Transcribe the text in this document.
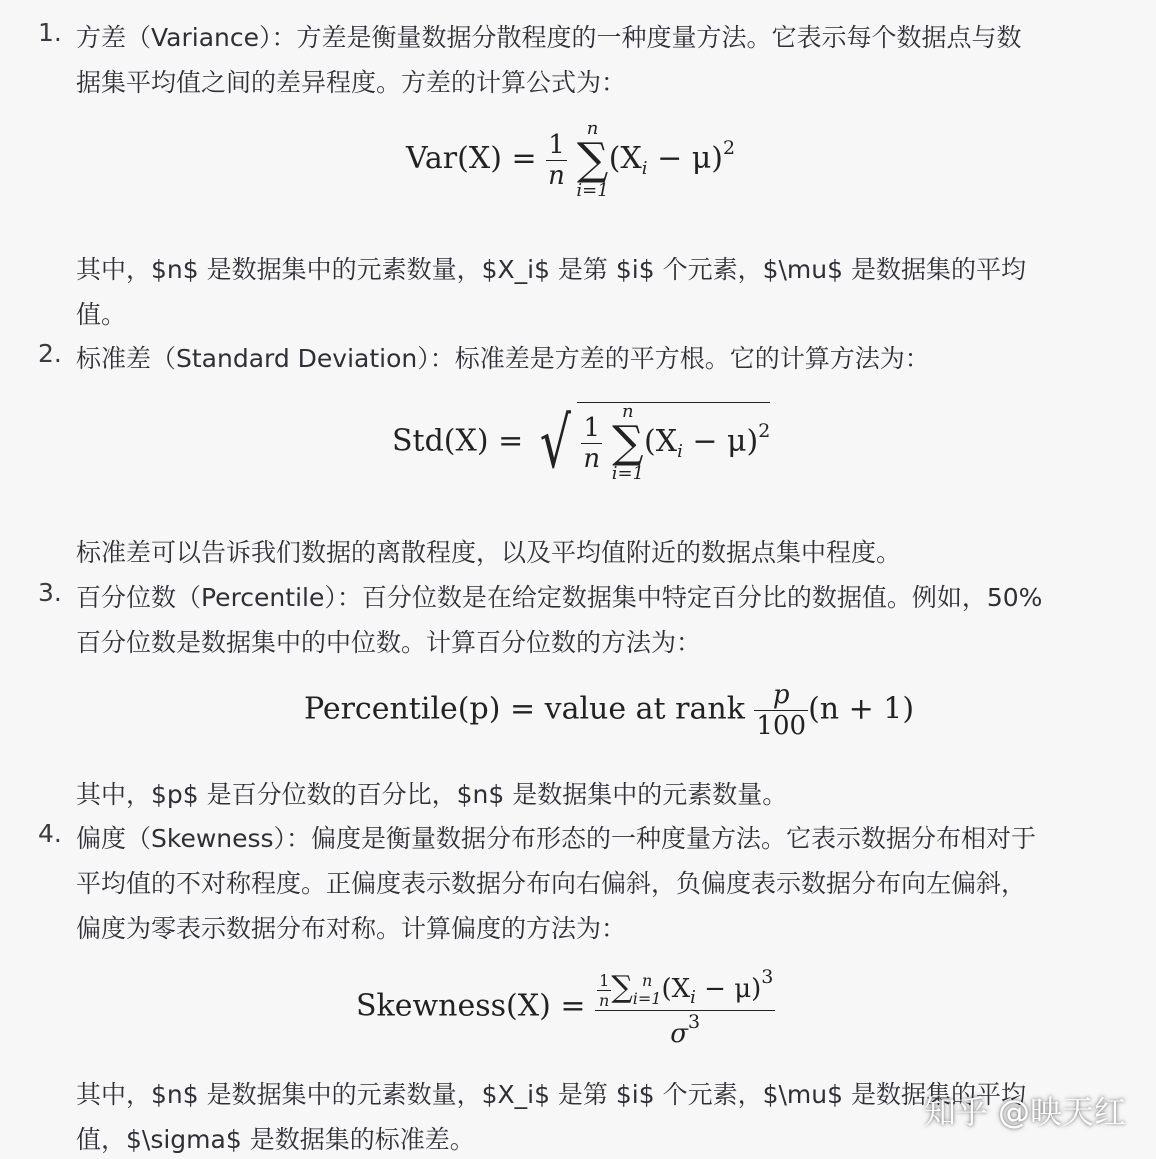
1. 方差（Variance）：方差是衡量数据分散程度的一种度量方法。它表示每个数据点与数
据集平均值之间的差异程度。方差的计算公式为：
$Var(X) = \frac{1}{n}$

n
∑
i=1
$(X_i - \mu)^2$
其中，$n$ 是数据集中的元素数量，$X_i$ 是第 $i$ 个元素，$\mu$ 是数据集的平均
值。
2. 标准差（Standard Deviation）：标准差是方差的平方根。它的计算方法为：
Std(X) = √ $\frac{1}{n}$

n
∑
i=1
$(X_i - \mu)^2$
标准差可以告诉我们数据的离散程度，以及平均值附近的数据点集中程度。
3. 百分位数（Percentile）：百分位数是在给定数据集中特定百分比的数据值。例如，50%
百分位数是数据集中的中位数。计算百分位数的方法为：
Percentile(p) = value at rank $\frac{p}{100} (n + 1)$
其中，$p$ 是百分位数的百分比，$n$ 是数据集中的元素数量。
4. 偏度（Skewness）：偏度是衡量数据分布形态的一种度量方法。它表示数据分布相对于
平均值的不对称程度。正偏度表示数据分布向右偏斜，负偏度表示数据分布向左偏斜，
偏度为零表示数据分布对称。计算偏度的方法为：
Skewness(X) = $\frac{1}{n}$ ∑ n
i=1 $(X_i - \mu)^3$
$\sigma^3$
其中，$n$ 是数据集中的元素数量，$X_i$ 是第 $i$ 个元素，$\mu$ 是数据集的平均
值，$\sigma$ 是数据集的标准差。
知乎 @映天红
